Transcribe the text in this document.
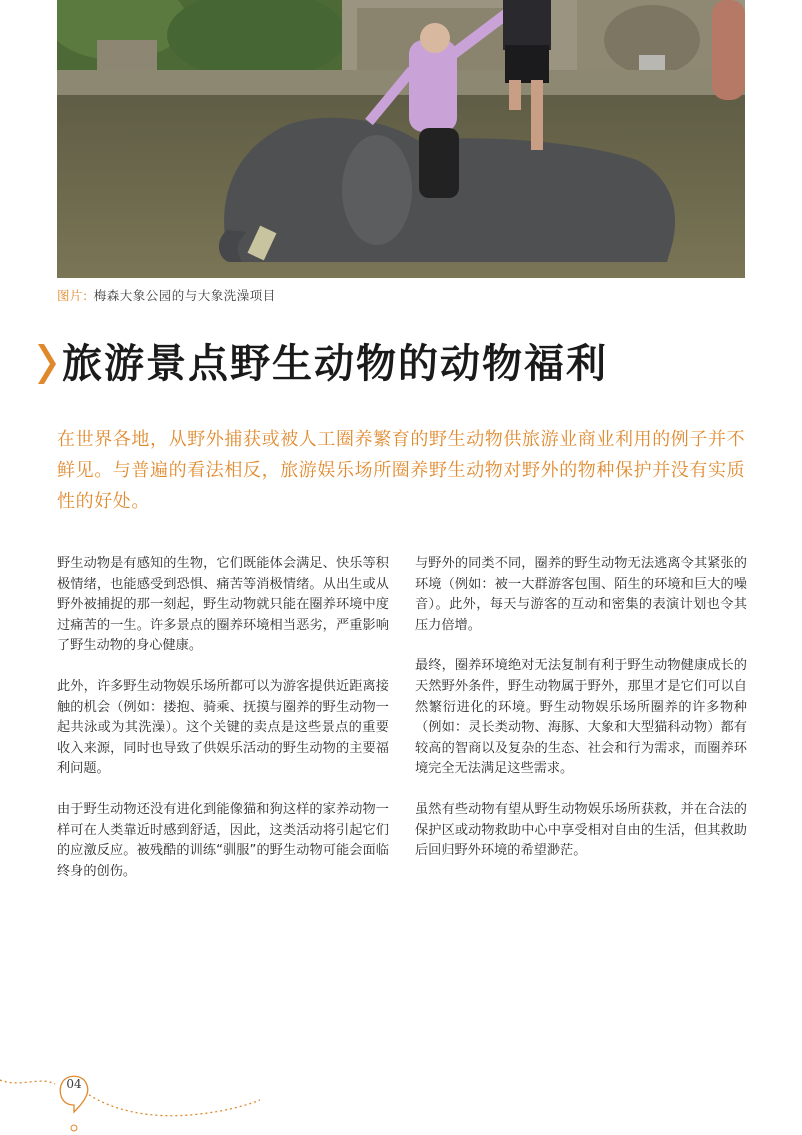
图片: 梅森大象公园的与大象洗澡项目
旅游景点野生动物的动物福利

在世界各地，从野外捕获或被人工圈养繁育的野生动物供旅游业商业利用的例子并不鲜见。与普遍的看法相反，旅游娱乐场所圈养野生动物对野外的物种保护并没有实质性的好处。

野生动物是有感知的生物，它们既能体会满足、快乐等积极情绪，也能感受到恐惧、痛苦等消极情绪。从出生或从野外被捕捉的那一刻起，野生动物就只能在圈养环境中度过痛苦的一生。许多景点的圈养环境相当恶劣，严重影响了野生动物的身心健康。

此外，许多野生动物娱乐场所都可以为游客提供近距离接触的机会（例如：搂抱、骑乘、抚摸与圈养的野生动物一起共泳或为其洗澡）。这个关键的卖点是这些景点的重要收入来源，同时也导致了供娱乐活动的野生动物的主要福利问题。

由于野生动物还没有进化到能像猫和狗这样的家养动物一样可在人类靠近时感到舒适，因此，这类活动将引起它们的应激反应。被残酷的训练“驯服”的野生动物可能会面临终身的创伤。

与野外的同类不同，圈养的野生动物无法逃离令其紧张的环境（例如：被一大群游客包围、陌生的环境和巨大的噪音）。此外，每天与游客的互动和密集的表演计划也令其压力倍增。

最终，圈养环境绝对无法复制有利于野生动物健康成长的天然野外条件，野生动物属于野外，那里才是它们可以自然繁衍进化的环境。野生动物娱乐场所圈养的许多物种（例如：灵长类动物、海豚、大象和大型猫科动物）都有较高的智商以及复杂的生态、社会和行为需求，而圈养环境完全无法满足这些需求。

虽然有些动物有望从野生动物娱乐场所获救，并在合法的保护区或动物救助中心中享受相对自由的生活，但其救助后回归野外环境的希望渺茫。

04
